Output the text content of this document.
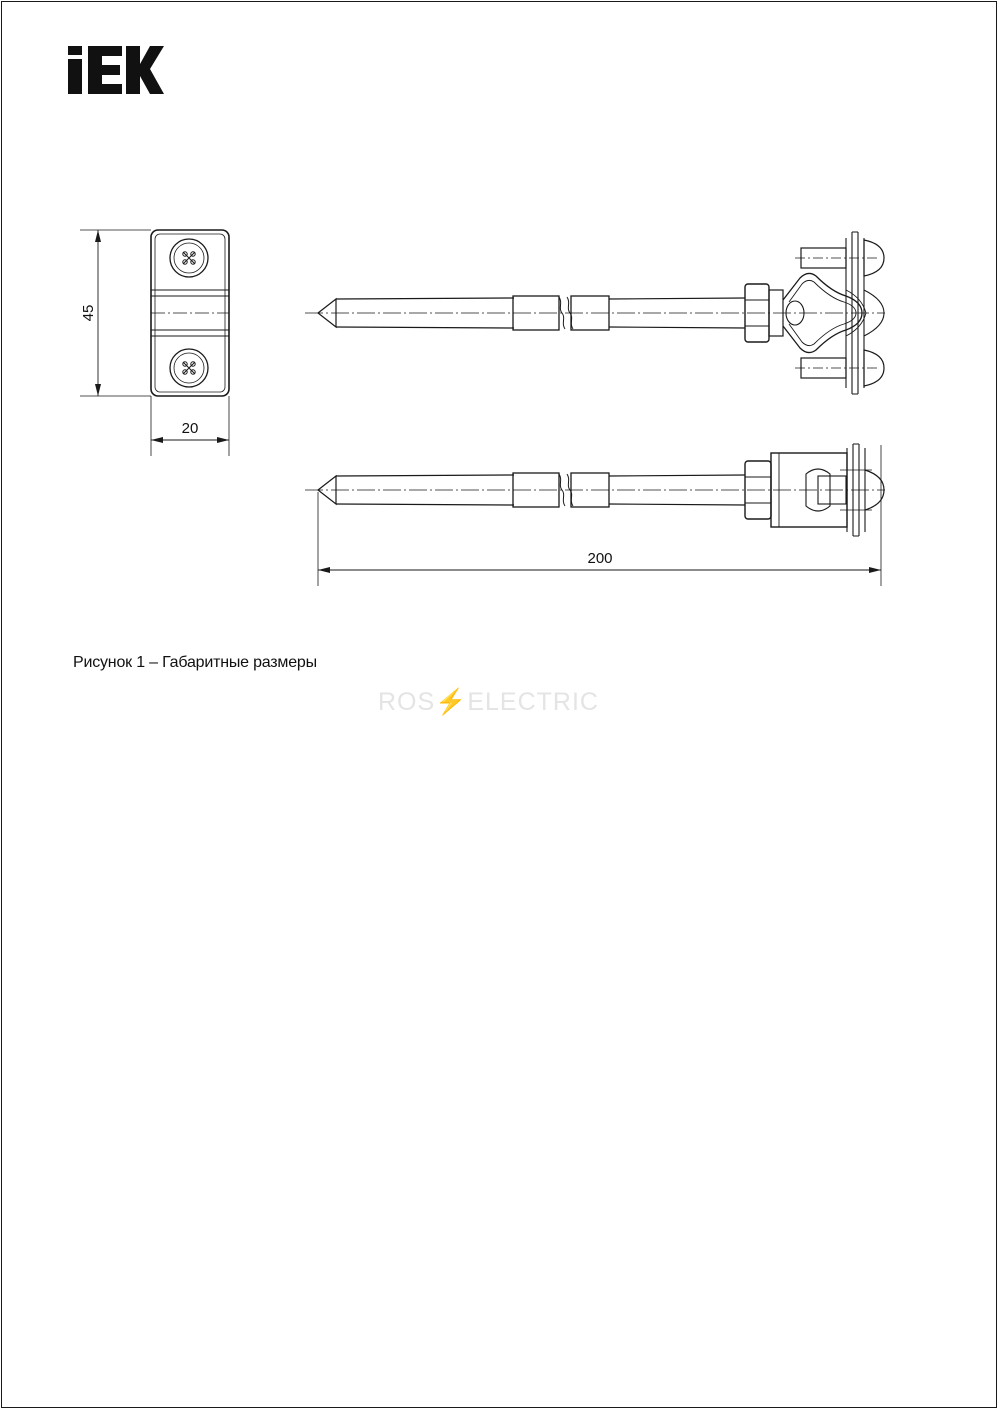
45
20
200
Рисунок 1 – Габаритные размеры
ROS⚡ELECTRIC
